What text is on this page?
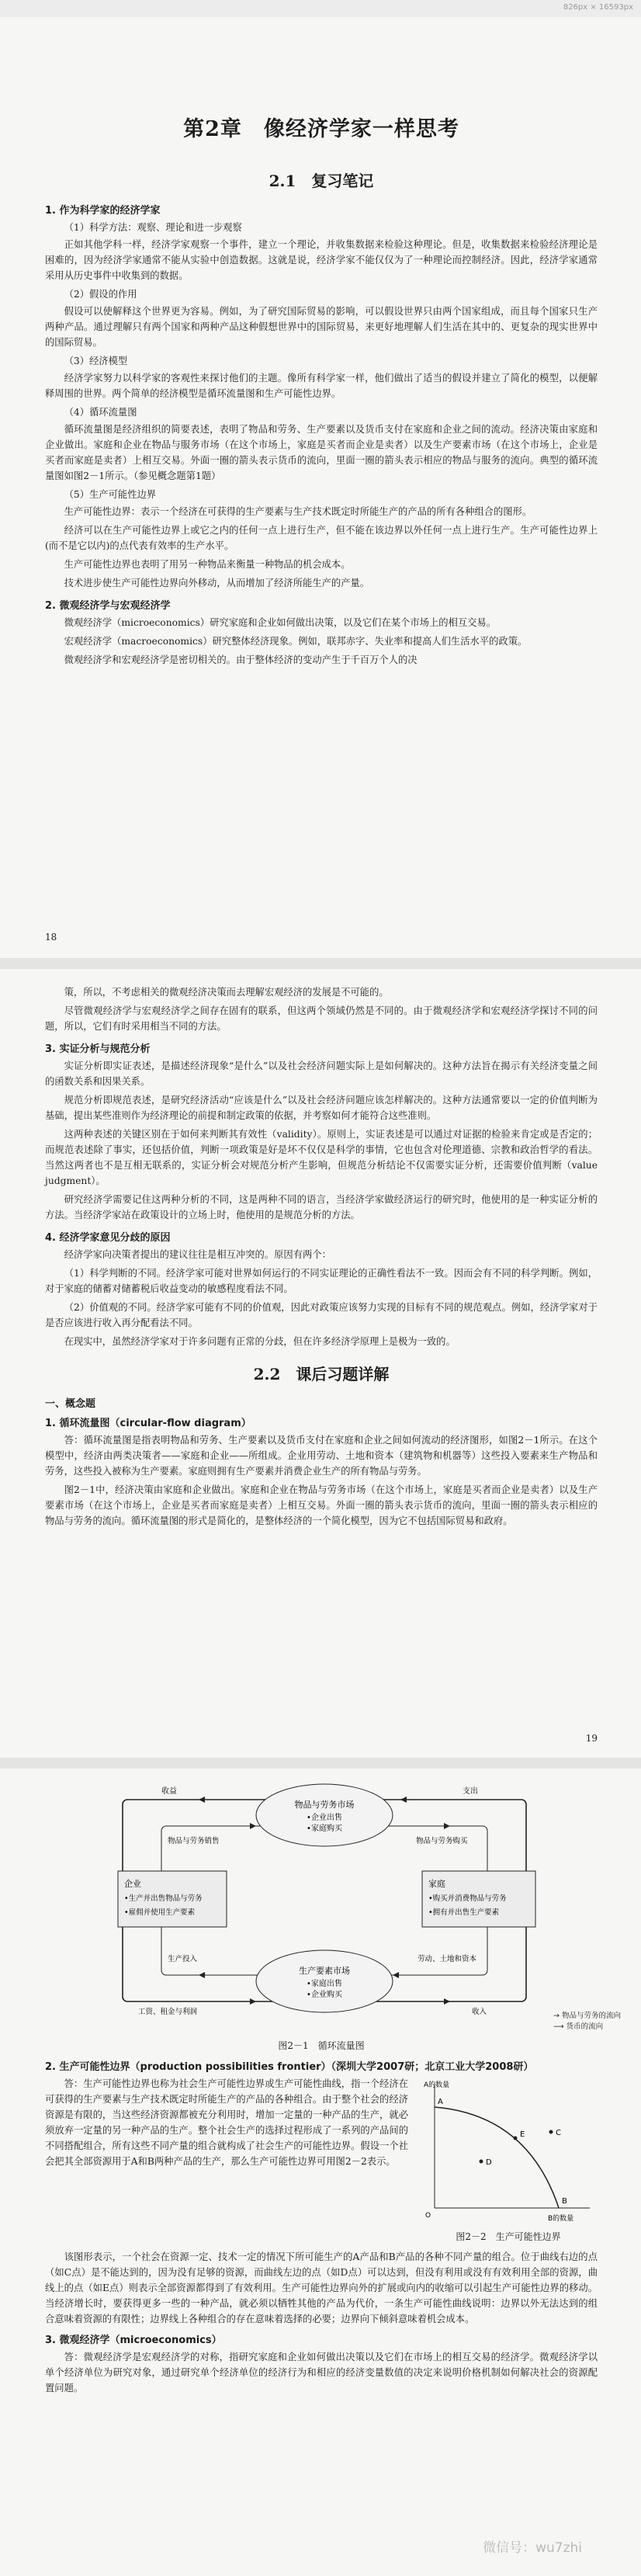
826px × 16593px
第2章　像经济学家一样思考
2.1　复习笔记
1. 作为科学家的经济学家
（1）科学方法：观察、理论和进一步观察

正如其他学科一样，经济学家观察一个事件，建立一个理论，并收集数据来检验这种理论。但是，收集数据来检验经济理论是困难的，因为经济学家通常不能从实验中创造数据。这就是说，经济学家不能仅仅为了一种理论而控制经济。因此，经济学家通常采用从历史事件中收集到的数据。

（2）假设的作用

假设可以使解释这个世界更为容易。例如，为了研究国际贸易的影响，可以假设世界只由两个国家组成，而且每个国家只生产两种产品。通过理解只有两个国家和两种产品这种假想世界中的国际贸易，来更好地理解人们生活在其中的、更复杂的现实世界中的国际贸易。

（3）经济模型

经济学家努力以科学家的客观性来探讨他们的主题。像所有科学家一样，他们做出了适当的假设并建立了简化的模型，以便解释周围的世界。两个简单的经济模型是循环流量图和生产可能性边界。

（4）循环流量图

循环流量图是经济组织的简要表述，表明了物品和劳务、生产要素以及货币支付在家庭和企业之间的流动。经济决策由家庭和企业做出。家庭和企业在物品与服务市场（在这个市场上，家庭是买者而企业是卖者）以及生产要素市场（在这个市场上，企业是买者而家庭是卖者）上相互交易。外面一圈的箭头表示货币的流向，里面一圈的箭头表示相应的物品与服务的流向。典型的循环流量图如图2－1所示。（参见概念题第1题）

（5）生产可能性边界

生产可能性边界：表示一个经济在可获得的生产要素与生产技术既定时所能生产的产品的所有各种组合的图形。

经济可以在生产可能性边界上或它之内的任何一点上进行生产，但不能在该边界以外任何一点上进行生产。生产可能性边界上(而不是它以内)的点代表有效率的生产水平。

生产可能性边界也表明了用另一种物品来衡量一种物品的机会成本。

技术进步使生产可能性边界向外移动，从而增加了经济所能生产的产量。

2. 微观经济学与宏观经济学

微观经济学（microeconomics）研究家庭和企业如何做出决策，以及它们在某个市场上的相互交易。

宏观经济学（macroeconomics）研究整体经济现象。例如，联邦赤字、失业率和提高人们生活水平的政策。

微观经济学和宏观经济学是密切相关的。由于整体经济的变动产生于千百万个人的决

18

策，所以，不考虑相关的微观经济决策而去理解宏观经济的发展是不可能的。

尽管微观经济学与宏观经济学之间存在固有的联系，但这两个领域仍然是不同的。由于微观经济学和宏观经济学探讨不同的问题，所以，它们有时采用相当不同的方法。

3. 实证分析与规范分析

实证分析即实证表述，是描述经济现象“是什么”以及社会经济问题实际上是如何解决的。这种方法旨在揭示有关经济变量之间的函数关系和因果关系。

规范分析即规范表述，是研究经济活动“应该是什么”以及社会经济问题应该怎样解决的。这种方法通常要以一定的价值判断为基础，提出某些准则作为经济理论的前提和制定政策的依据，并考察如何才能符合这些准则。

这两种表述的关键区别在于如何来判断其有效性（validity）。原则上，实证表述是可以通过对证据的检验来肯定或是否定的；而规范表述除了事实，还包括价值，判断一项政策是好是坏不仅仅是科学的事情，它也包含对伦理道德、宗教和政治哲学的看法。当然这两者也不是互相无联系的，实证分析会对规范分析产生影响，但规范分析结论不仅需要实证分析，还需要价值判断（value judgment）。

研究经济学需要记住这两种分析的不同，这是两种不同的语言，当经济学家做经济运行的研究时，他使用的是一种实证分析的方法。当经济学家站在政策设计的立场上时，他使用的是规范分析的方法。

4. 经济学家意见分歧的原因

经济学家向决策者提出的建议往往是相互冲突的。原因有两个：

（1）科学判断的不同。经济学家可能对世界如何运行的不同实证理论的正确性看法不一致。因而会有不同的科学判断。例如，对于家庭的储蓄对储蓄税后收益变动的敏感程度看法不同。

（2）价值观的不同。经济学家可能有不同的价值观，因此对政策应该努力实现的目标有不同的规范观点。例如，经济学家对于是否应该进行收入再分配看法不同。

在现实中，虽然经济学家对于许多问题有正常的分歧，但在许多经济学原理上是极为一致的。

2.2　课后习题详解
一、概念题
1. 循环流量图（circular-flow diagram）

答：循环流量图是指表明物品和劳务、生产要素以及货币支付在家庭和企业之间如何流动的经济图形，如图2－1所示。在这个模型中，经济由两类决策者——家庭和企业——所组成。企业用劳动、土地和资本（建筑物和机器等）这些投入要素来生产物品和劳务，这些投入被称为生产要素。家庭则拥有生产要素并消费企业生产的所有物品与劳务。

图2－1中，经济决策由家庭和企业做出。家庭和企业在物品与劳务市场（在这个市场上，家庭是买者而企业是卖者）以及生产要素市场（在这个市场上，企业是买者而家庭是卖者）上相互交易。外面一圈的箭头表示货币的流向，里面一圈的箭头表示相应的物品与劳务的流向。循环流量图的形式是简化的，是整体经济的一个简化模型，因为它不包括国际贸易和政府。

19
物品与劳务市场
•企业出售
•家庭购买
生产要素市场
•家庭出售
•企业购买
企业
•生产并出售物品与劳务
•雇佣并使用生产要素
家庭
•购买并消费物品与劳务
•拥有并出售生产要素
收益	支出
物品与劳务销售	物品与劳务购买
生产投入	劳动、土地和资本
工资、租金与利润	收入	→ 物品与劳务的流向
⟶ 货币的流向
图2－1　循环流量图
2. 生产可能性边界（production possibilities frontier）（深圳大学2007研；北京工业大学2008研）

答：生产可能性边界也称为社会生产可能性边界或生产可能性曲线，指一个经济在可获得的生产要素与生产技术既定时所能生产的产品的各种组合。由于整个社会的经济资源是有限的，当这些经济资源都被充分利用时，增加一定量的一种产品的生产，就必须放弃一定量的另一种产品的生产。整个社会生产的选择过程形成了一系列的产品间的不同搭配组合，所有这些不同产量的组合就构成了社会生产的可能性边界。假设一个社会把其全部资源用于A和B两种产品的生产，那么生产可能性边界可用图2－2表示。

A的数量
B的数量
O
A
B
C
D
E
图2－2　生产可能性边界

该图形表示，一个社会在资源一定、技术一定的情况下所可能生产的A产品和B产品的各种不同产量的组合。位于曲线右边的点（如C点）是不能达到的，因为没有足够的资源，而曲线左边的点（如D点）可以达到，但没有利用或没有有效利用全部的资源，曲线上的点（如E点）则表示全部资源都得到了有效利用。生产可能性边界向外的扩展或向内的收缩可以引起生产可能性边界的移动。当经济增长时，要获得更多一些的一种产品，就必须以牺牲其他的产品为代价，一条生产可能性曲线说明：边界以外无法达到的组合意味着资源的有限性；边界线上各种组合的存在意味着选择的必要；边界向下倾斜意味着机会成本。

3. 微观经济学（microeconomics）

答：微观经济学是宏观经济学的对称，指研究家庭和企业如何做出决策以及它们在市场上的相互交易的经济学。微观经济学以单个经济单位为研究对象，通过研究单个经济单位的经济行为和相应的经济变量数值的决定来说明价格机制如何解决社会的资源配置问题。

微信号：wu7zhi
